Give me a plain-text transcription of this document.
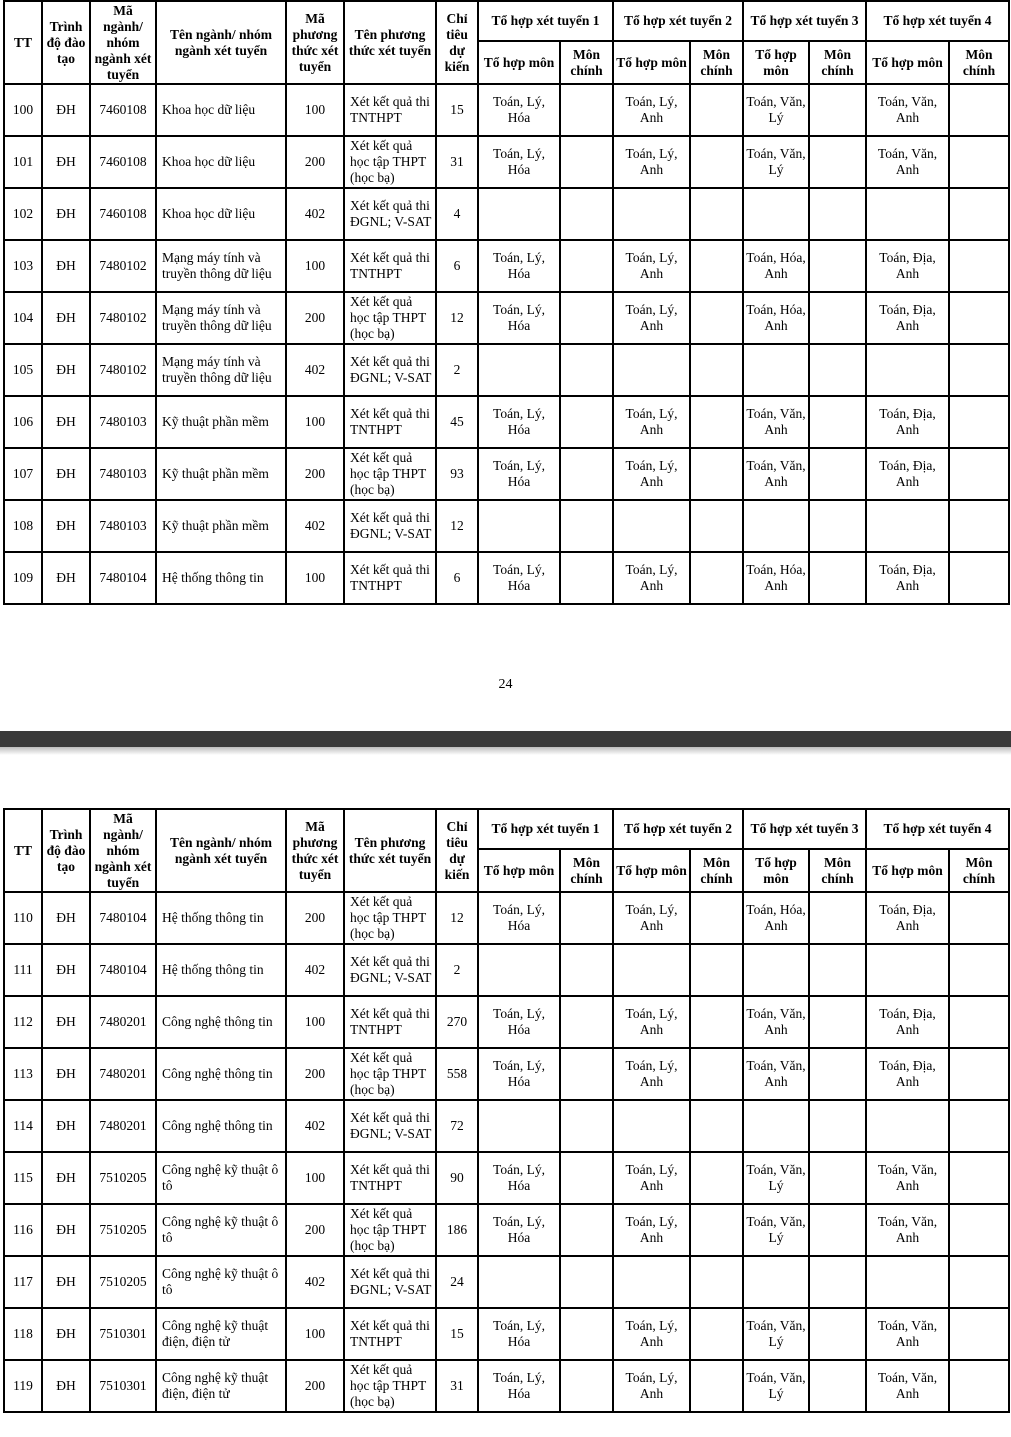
TT	Trình độ đào tạo	Mã ngành/ nhóm ngành xét tuyển	Tên ngành/ nhóm ngành xét tuyển	Mã phương thức xét tuyển	Tên phương thức xét tuyển	Chỉ tiêu dự kiến	Tổ hợp xét tuyển 1		Tổ hợp xét tuyển 2		Tổ hợp xét tuyển 3		Tổ hợp xét tuyển 4	
							Tổ hợp môn	Môn chính	Tổ hợp môn	Môn chính	Tổ hợp môn	Môn chính	Tổ hợp môn	Môn chính
100	ĐH	7460108	Khoa học dữ liệu	100	Xét kết quả thi TNTHPT	15	Toán, Lý, Hóa		Toán, Lý, Anh		Toán, Văn, Lý		Toán, Văn, Anh	
101	ĐH	7460108	Khoa học dữ liệu	200	Xét kết quả học tập THPT (học bạ)	31	Toán, Lý, Hóa		Toán, Lý, Anh		Toán, Văn, Lý		Toán, Văn, Anh	
102	ĐH	7460108	Khoa học dữ liệu	402	Xét kết quả thi ĐGNL; V-SAT	4								
103	ĐH	7480102	Mạng máy tính và truyền thông dữ liệu	100	Xét kết quả thi TNTHPT	6	Toán, Lý, Hóa		Toán, Lý, Anh		Toán, Hóa, Anh		Toán, Địa, Anh	
104	ĐH	7480102	Mạng máy tính và truyền thông dữ liệu	200	Xét kết quả học tập THPT (học bạ)	12	Toán, Lý, Hóa		Toán, Lý, Anh		Toán, Hóa, Anh		Toán, Địa, Anh	
105	ĐH	7480102	Mạng máy tính và truyền thông dữ liệu	402	Xét kết quả thi ĐGNL; V-SAT	2								
106	ĐH	7480103	Kỹ thuật phần mềm	100	Xét kết quả thi TNTHPT	45	Toán, Lý, Hóa		Toán, Lý, Anh		Toán, Văn, Anh		Toán, Địa, Anh	
107	ĐH	7480103	Kỹ thuật phần mềm	200	Xét kết quả học tập THPT (học bạ)	93	Toán, Lý, Hóa		Toán, Lý, Anh		Toán, Văn, Anh		Toán, Địa, Anh	
108	ĐH	7480103	Kỹ thuật phần mềm	402	Xét kết quả thi ĐGNL; V-SAT	12								
109	ĐH	7480104	Hệ thống thông tin	100	Xét kết quả thi TNTHPT	6	Toán, Lý, Hóa		Toán, Lý, Anh		Toán, Hóa, Anh		Toán, Địa, Anh	
24
TT	Trình độ đào tạo	Mã ngành/ nhóm ngành xét tuyển	Tên ngành/ nhóm ngành xét tuyển	Mã phương thức xét tuyển	Tên phương thức xét tuyển	Chỉ tiêu dự kiến	Tổ hợp xét tuyển 1		Tổ hợp xét tuyển 2		Tổ hợp xét tuyển 3		Tổ hợp xét tuyển 4	
							Tổ hợp môn	Môn chính	Tổ hợp môn	Môn chính	Tổ hợp môn	Môn chính	Tổ hợp môn	Môn chính
110	ĐH	7480104	Hệ thống thông tin	200	Xét kết quả học tập THPT (học bạ)	12	Toán, Lý, Hóa		Toán, Lý, Anh		Toán, Hóa, Anh		Toán, Địa, Anh	
111	ĐH	7480104	Hệ thống thông tin	402	Xét kết quả thi ĐGNL; V-SAT	2								
112	ĐH	7480201	Công nghệ thông tin	100	Xét kết quả thi TNTHPT	270	Toán, Lý, Hóa		Toán, Lý, Anh		Toán, Văn, Anh		Toán, Địa, Anh	
113	ĐH	7480201	Công nghệ thông tin	200	Xét kết quả học tập THPT (học bạ)	558	Toán, Lý, Hóa		Toán, Lý, Anh		Toán, Văn, Anh		Toán, Địa, Anh	
114	ĐH	7480201	Công nghệ thông tin	402	Xét kết quả thi ĐGNL; V-SAT	72								
115	ĐH	7510205	Công nghệ kỹ thuật ô tô	100	Xét kết quả thi TNTHPT	90	Toán, Lý, Hóa		Toán, Lý, Anh		Toán, Văn, Lý		Toán, Văn, Anh	
116	ĐH	7510205	Công nghệ kỹ thuật ô tô	200	Xét kết quả học tập THPT (học bạ)	186	Toán, Lý, Hóa		Toán, Lý, Anh		Toán, Văn, Lý		Toán, Văn, Anh	
117	ĐH	7510205	Công nghệ kỹ thuật ô tô	402	Xét kết quả thi ĐGNL; V-SAT	24								
118	ĐH	7510301	Công nghệ kỹ thuật điện, điện tử	100	Xét kết quả thi TNTHPT	15	Toán, Lý, Hóa		Toán, Lý, Anh		Toán, Văn, Lý		Toán, Văn, Anh	
119	ĐH	7510301	Công nghệ kỹ thuật điện, điện tử	200	Xét kết quả học tập THPT (học bạ)	31	Toán, Lý, Hóa		Toán, Lý, Anh		Toán, Văn, Lý		Toán, Văn, Anh	
